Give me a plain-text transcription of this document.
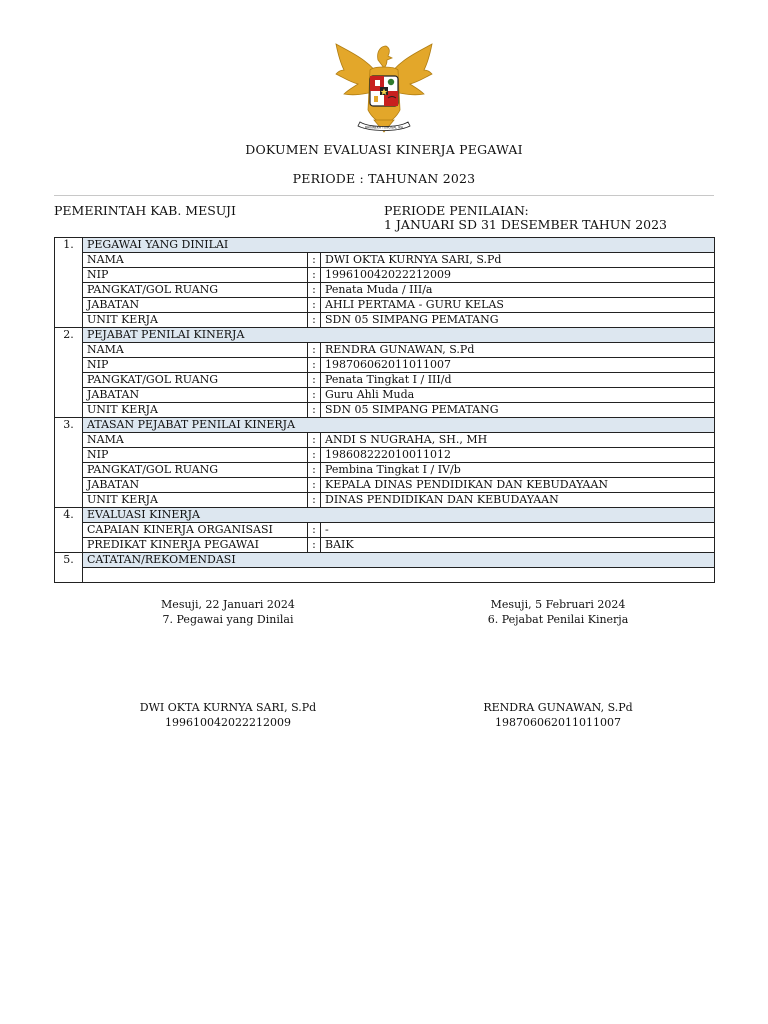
BHINNEKA TUNGGAL IKA
DOKUMEN EVALUASI KINERJA PEGAWAI
PERIODE : TAHUNAN 2023
PEMERINTAH KAB. MESUJI	PERIODE PENILAIAN:
1 JANUARI SD 31 DESEMBER TAHUN 2023
1.	PEGAWAI YANG DINILAI		
	NAMA	:	DWI OKTA KURNYA SARI, S.Pd
	NIP	:	199610042022212009
	PANGKAT/GOL RUANG	:	Penata Muda / III/a
	JABATAN	:	AHLI PERTAMA - GURU KELAS
	UNIT KERJA	:	SDN 05 SIMPANG PEMATANG
2.	PEJABAT PENILAI KINERJA		
	NAMA	:	RENDRA GUNAWAN, S.Pd
	NIP	:	198706062011011007
	PANGKAT/GOL RUANG	:	Penata Tingkat I / III/d
	JABATAN	:	Guru Ahli Muda
	UNIT KERJA	:	SDN 05 SIMPANG PEMATANG
3.	ATASAN PEJABAT PENILAI KINERJA		
	NAMA	:	ANDI S NUGRAHA, SH., MH
	NIP	:	198608222010011012
	PANGKAT/GOL RUANG	:	Pembina Tingkat I / IV/b
	JABATAN	:	KEPALA DINAS PENDIDIKAN DAN KEBUDAYAAN
	UNIT KERJA	:	DINAS PENDIDIKAN DAN KEBUDAYAAN
4.	EVALUASI KINERJA		
	CAPAIAN KINERJA ORGANISASI	:	-
	PREDIKAT KINERJA PEGAWAI	:	BAIK
5.	CATATAN/REKOMENDASI		

Mesuji, 22 Januari 2024
7. Pegawai yang Dinilai
DWI OKTA KURNYA SARI, S.Pd
199610042022212009
Mesuji, 5 Februari 2024
6. Pejabat Penilai Kinerja
RENDRA GUNAWAN, S.Pd
198706062011011007
